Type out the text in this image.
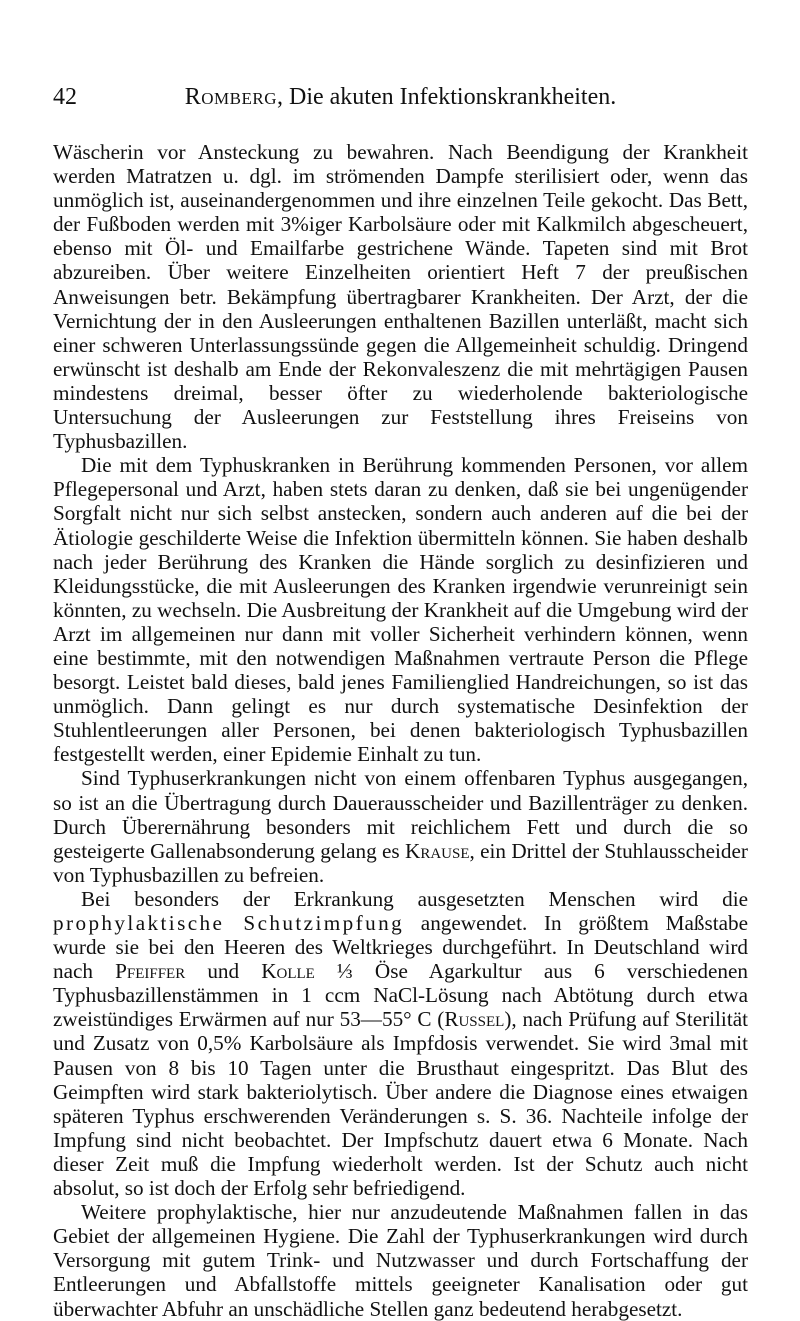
42	Romberg, Die akuten Infektionskrankheiten.

Wäscherin vor Ansteckung zu bewahren. Nach Beendigung der Krankheit werden Matratzen u. dgl. im strömenden Dampfe sterilisiert oder, wenn das unmöglich ist, auseinandergenommen und ihre einzelnen Teile gekocht. Das Bett, der Fußboden werden mit 3%iger Karbolsäure oder mit Kalkmilch abgescheuert, ebenso mit Öl- und Emailfarbe gestrichene Wände. Tapeten sind mit Brot abzureiben. Über weitere Einzelheiten orientiert Heft 7 der preußischen Anweisungen betr. Bekämpfung übertragbarer Krankheiten. Der Arzt, der die Vernichtung der in den Ausleerungen enthaltenen Bazillen unterläßt, macht sich einer schweren Unterlassungssünde gegen die Allgemeinheit schuldig. Dringend erwünscht ist deshalb am Ende der Rekonvaleszenz die mit mehrtägigen Pausen mindestens dreimal, besser öfter zu wiederholende bakteriologische Untersuchung der Ausleerungen zur Feststellung ihres Freiseins von Typhusbazillen.

Die mit dem Typhuskranken in Berührung kommenden Personen, vor allem Pflegepersonal und Arzt, haben stets daran zu denken, daß sie bei ungenügender Sorgfalt nicht nur sich selbst anstecken, sondern auch anderen auf die bei der Ätiologie geschilderte Weise die Infektion übermitteln können. Sie haben deshalb nach jeder Berührung des Kranken die Hände sorglich zu desinfizieren und Kleidungsstücke, die mit Ausleerungen des Kranken irgendwie verunreinigt sein könnten, zu wechseln. Die Ausbreitung der Krankheit auf die Umgebung wird der Arzt im allgemeinen nur dann mit voller Sicherheit verhindern können, wenn eine bestimmte, mit den notwendigen Maßnahmen vertraute Person die Pflege besorgt. Leistet bald dieses, bald jenes Familienglied Handreichungen, so ist das unmöglich. Dann gelingt es nur durch systematische Desinfektion der Stuhlentleerungen aller Personen, bei denen bakteriologisch Typhusbazillen festgestellt werden, einer Epidemie Einhalt zu tun.

Sind Typhuserkrankungen nicht von einem offenbaren Typhus ausgegangen, so ist an die Übertragung durch Dauerausscheider und Bazillenträger zu denken. Durch Überernährung besonders mit reichlichem Fett und durch die so gesteigerte Gallenabsonderung gelang es Krause, ein Drittel der Stuhlausscheider von Typhusbazillen zu befreien.

Bei besonders der Erkrankung ausgesetzten Menschen wird die prophylaktische Schutzimpfung angewendet. In größtem Maßstabe wurde sie bei den Heeren des Weltkrieges durchgeführt. In Deutschland wird nach Pfeiffer und Kolle ⅓ Öse Agarkultur aus 6 verschiedenen Typhusbazillenstämmen in 1 ccm NaCl-Lösung nach Abtötung durch etwa zweistündiges Erwärmen auf nur 53—55° C (Russel), nach Prüfung auf Sterilität und Zusatz von 0,5% Karbolsäure als Impfdosis verwendet. Sie wird 3mal mit Pausen von 8 bis 10 Tagen unter die Brusthaut eingespritzt. Das Blut des Geimpften wird stark bakteriolytisch. Über andere die Diagnose eines etwaigen späteren Typhus erschwerenden Veränderungen s. S. 36. Nachteile infolge der Impfung sind nicht beobachtet. Der Impfschutz dauert etwa 6 Monate. Nach dieser Zeit muß die Impfung wiederholt werden. Ist der Schutz auch nicht absolut, so ist doch der Erfolg sehr befriedigend.

Weitere prophylaktische, hier nur anzudeutende Maßnahmen fallen in das Gebiet der allgemeinen Hygiene. Die Zahl der Typhuserkrankungen wird durch Versorgung mit gutem Trink- und Nutzwasser und durch Fortschaffung der Entleerungen und Abfallstoffe mittels geeigneter Kanalisation oder gut überwachter Abfuhr an unschädliche Stellen ganz bedeutend herabgesetzt.
